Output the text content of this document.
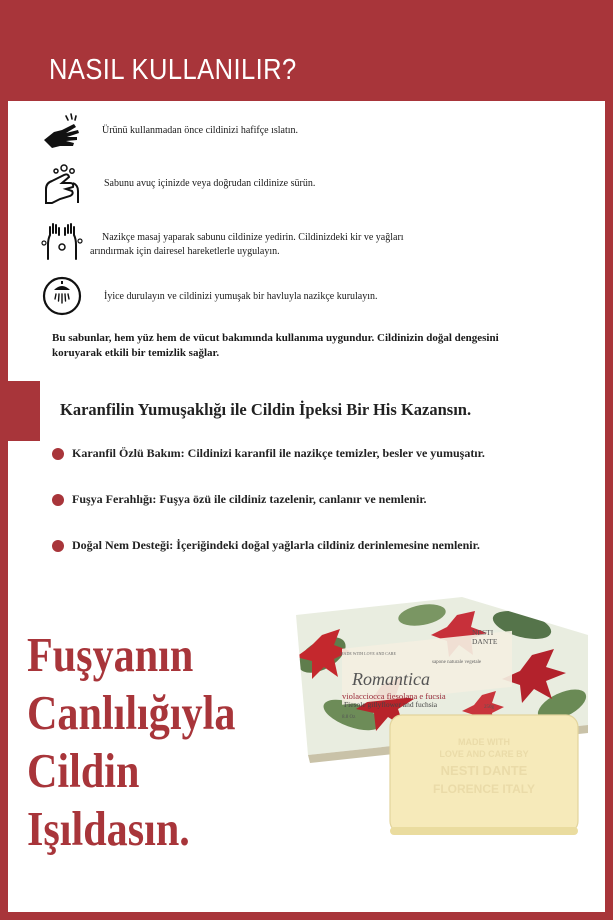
NASIL KULLANILIR?
Ürünü kullanmadan önce cildinizi hafifçe ıslatın.
Sabunu avuç içinizde veya doğrudan cildinize sürün.
Nazikçe masaj yaparak sabunu cildinize yedirin. Cildinizdeki kir ve yağları
arındırmak için dairesel hareketlerle uygulayın.
İyice durulayın ve cildinizi yumuşak bir havluyla nazikçe kurulayın.
Bu sabunlar, hem yüz hem de vücut bakımında kullanıma uygundur. Cildinizin doğal dengesini
koruyarak etkili bir temizlik sağlar.
Karanfilin Yumuşaklığı ile Cildin İpeksi Bir His Kazansın.
Karanfil Özlü Bakım: Cildinizi karanfil ile nazikçe temizler, besler ve yumuşatır.
Fuşya Ferahlığı: Fuşya özü ile cildiniz tazelenir, canlanır ve nemlenir.
Doğal Nem Desteği: İçeriğindeki doğal yağlarla cildiniz derinlemesine nemlenir.
Fuşyanın
Canlılığıyla
Cildin
Işıldasın.
NESTI
DANTE
MADE WITH LOVE AND CARE
sapone naturale vegetale
Romantica
violacciocca fiesolana e fucsia
Fiesole gillyflower and fuchsia
8.8 Oz
250g
MADE WITH
LOVE AND CARE BY
NESTI DANTE
FLORENCE ITALY
